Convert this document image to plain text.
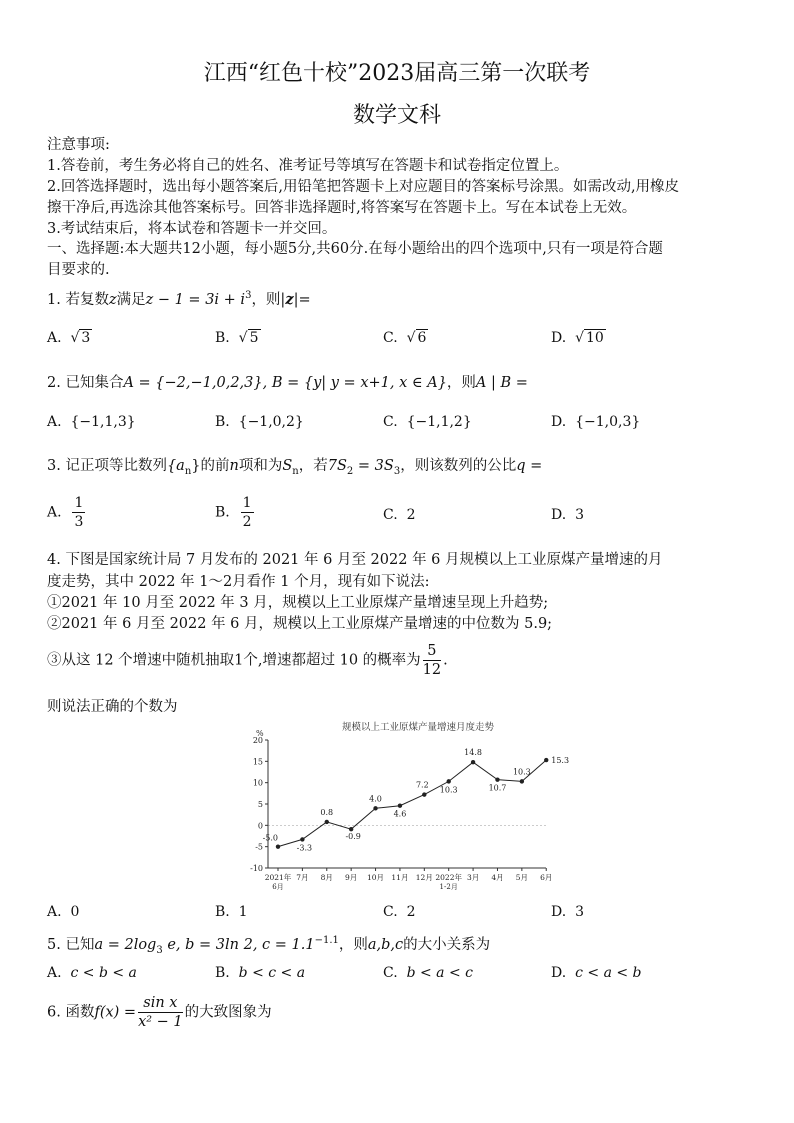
江西“红色十校”2023届高三第一次联考
数学文科
注意事项:
1.答卷前，考生务必将自己的姓名、准考证号等填写在答题卡和试卷指定位置上。
2.回答选择题时，选出每小题答案后,用铅笔把答题卡上对应题目的答案标号涂黑。如需改动,用橡皮
擦干净后,再选涂其他答案标号。回答非选择题时,将答案写在答题卡上。写在本试卷上无效。
3.考试结束后，将本试卷和答题卡一并交回。
一、选择题:本大题共12小题，每小题5分,共60分.在每小题给出的四个选项中,只有一项是符合题
目要求的.
1. 若复数z满足$z - 1 = 3i + i^3$，则|z|=
A.  √ 3	B.  √ 5	C.  √ 6	D.  √ 10
2. 已知集合A = {−2,−1,0,2,3}, B = {y| y = x+1, x ∈ A}，则A | B =
A. {−1,1,3}	B. {−1,0,2}	C. {−1,1,2}	D. {−1,0,3}
3. 记正项等比数列$\{a_n\}$的前n项和为$S_n$，若$7S_2 = 3S_3$，则该数列的公比q =
A. $\frac{1}{3}$	B. $\frac{1}{2}$	C. 2	D. 3
4. 下图是国家统计局 7 月发布的 2021 年 6 月至 2022 年 6 月规模以上工业原煤产量增速的月
度走势，其中 2022 年 1～2月看作 1 个月，现有如下说法:
①2021 年 10 月至 2022 年 3 月，规模以上工业原煤产量增速呈现上升趋势;
②2021 年 6 月至 2022 年 6 月，规模以上工业原煤产量增速的中位数为 5.9;
③从这 12 个增速中随机抽取1个,增速都超过 10 的概率为 $\frac{5}{12}$ .
则说法正确的个数为
规模以上工业原煤产量增速月度走势
%
20
15
10
5
0
-5
-10
2021年
6月
7月 8月 9月 10月 11月 12月 2022年
1-2月
3月 4月 5月 6月
-5.0
-3.3
0.8
-0.9
4.0
4.6
7.2
10.3
14.8
10.7
10.3
15.3
A. 0	B. 1	C. 2	D. 3
5. 已知$a = 2\log_3$ e, b = 3ln 2, $c = 1.1^{-1.1}$，则a,b,c的大小关系为
A. c < b < a	B. b < c < a	C. b < a < c	D. c < a < b
6. 函数$f(x) = \frac{\text{sin x}}{\text{x² − 1}}$ 的大致图象为
